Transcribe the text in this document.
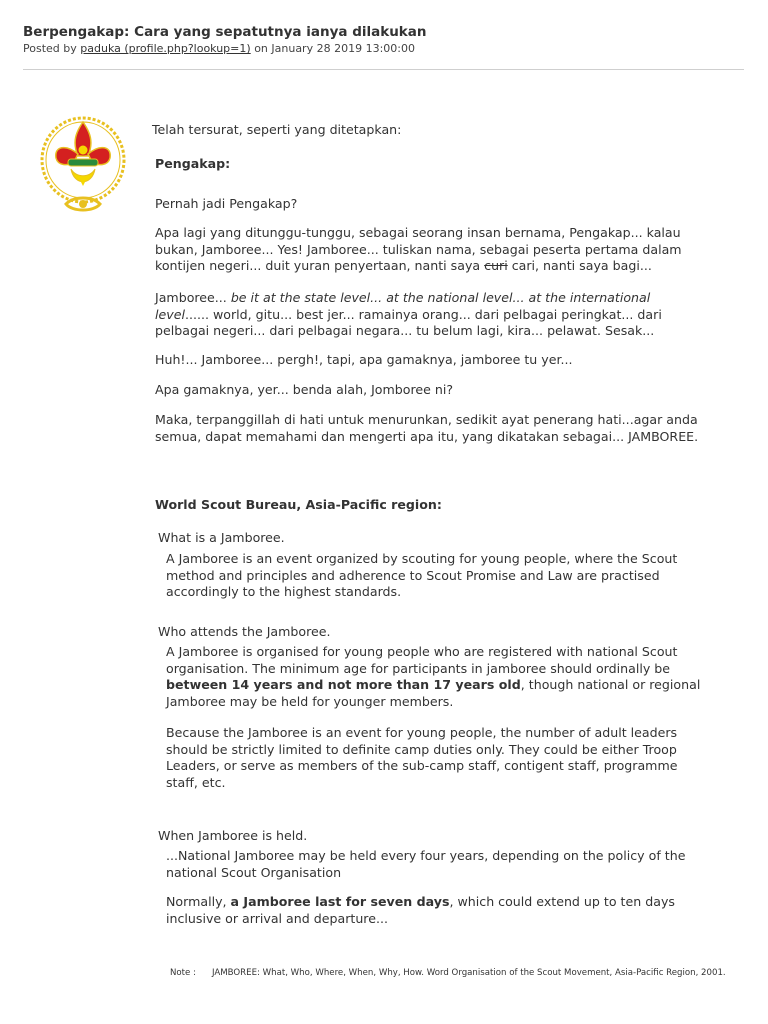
Berpengakap: Cara yang sepatutnya ianya dilakukan
Posted by paduka (profile.php?lookup=1) on January 28 2019 13:00:00

Telah tersurat, seperti yang ditetapkan:

Pengakap:

Pernah jadi Pengakap?

Apa lagi yang ditunggu-tunggu, sebagai seorang insan bernama, Pengakap... kalau
bukan, Jamboree... Yes! Jamboree... tuliskan nama, sebagai peserta pertama dalam
kontijen negeri... duit yuran penyertaan, nanti saya curi cari, nanti saya bagi...
Jamboree... be it at the state level... at the national level... at the international
level...... world, gitu... best jer... ramainya orang... dari pelbagai peringkat... dari
pelbagai negeri... dari pelbagai negara... tu belum lagi, kira... pelawat. Sesak...

Huh!... Jamboree... pergh!, tapi, apa gamaknya, jamboree tu yer...

Apa gamaknya, yer... benda alah, Jomboree ni?

Maka, terpanggillah di hati untuk menurunkan, sedikit ayat penerang hati...agar anda
semua, dapat memahami dan mengerti apa itu, yang dikatakan sebagai... JAMBOREE.

World Scout Bureau, Asia-Pacific region:

What is a Jamboree.

A Jamboree is an event organized by scouting for young people, where the Scout
method and principles and adherence to Scout Promise and Law are practised
accordingly to the highest standards.

Who attends the Jamboree.

A Jamboree is organised for young people who are registered with national Scout
organisation. The minimum age for participants in jamboree should ordinally be
between 14 years and not more than 17 years old, though national or regional
Jamboree may be held for younger members.
Because the Jamboree is an event for young people, the number of adult leaders
should be strictly limited to definite camp duties only. They could be either Troop
Leaders, or serve as members of the sub-camp staff, contigent staff, programme
staff, etc.

When Jamboree is held.

...National Jamboree may be held every four years, depending on the policy of the
national Scout Organisation
Normally, a Jamboree last for seven days, which could extend up to ten days
inclusive or arrival and departure...
Note : JAMBOREE: What, Who, Where, When, Why, How. Word Organisation of the Scout Movement, Asia-Pacific Region, 2001.
